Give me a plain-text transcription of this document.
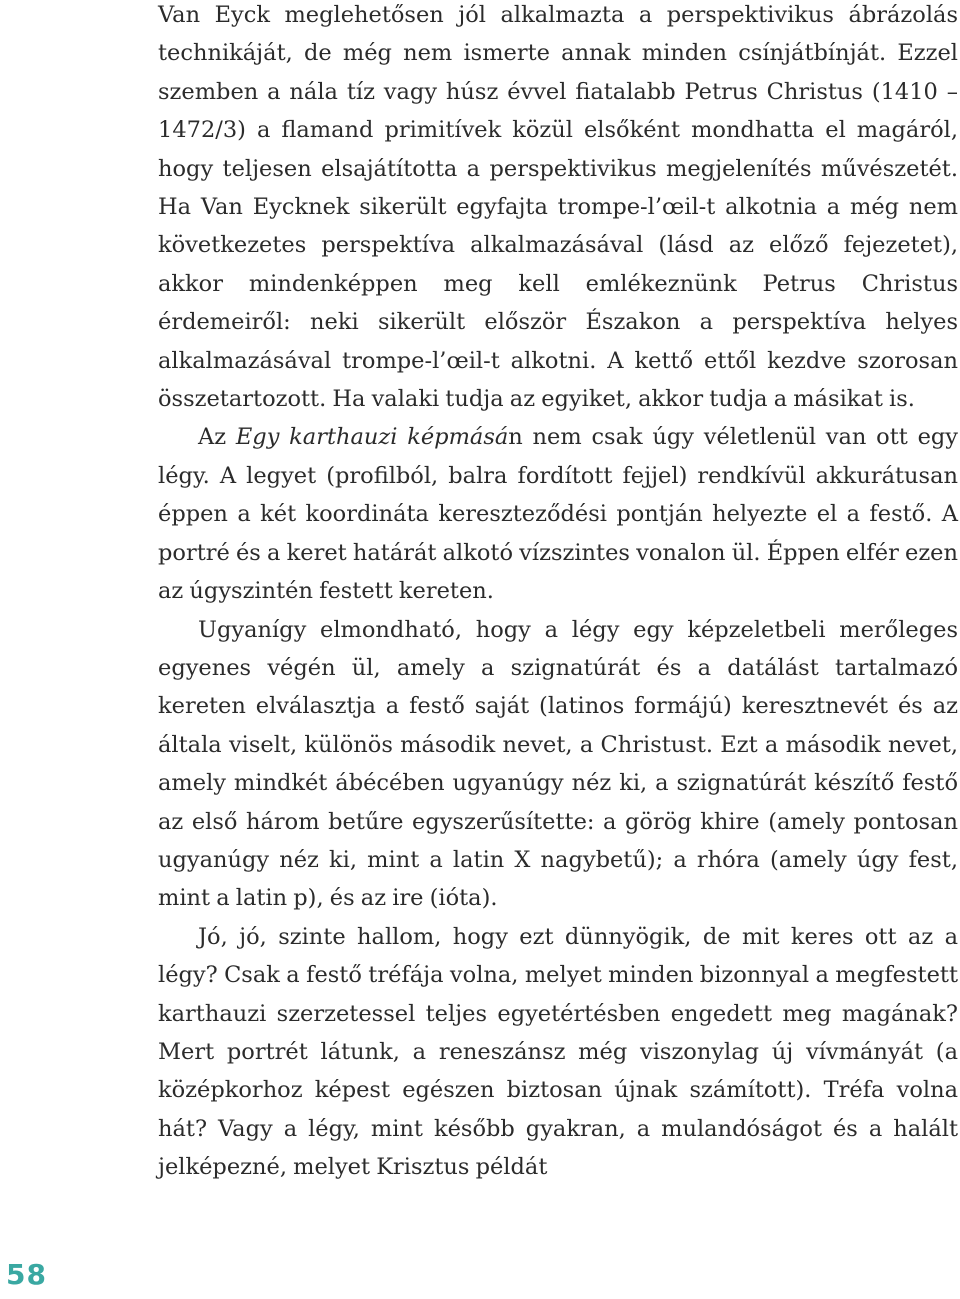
Van Eyck meglehetősen jól alkalmazta a perspektivikus ábrázolás technikáját, de még nem ismerte annak minden csínjátbínját. Ezzel szemben a nála tíz vagy húsz évvel fiatalabb Petrus Christus (1410 – 1472/3) a flamand primitívek közül elsőként mondhatta el magáról, hogy teljesen elsajátította a perspektivikus megjelenítés művészetét. Ha Van Eycknek sikerült egyfajta trompe-l’œil-t alkotnia a még nem következetes perspektíva alkalmazásával (lásd az előző fejezetet), akkor mindenképpen meg kell emlékeznünk Petrus Christus érdemeiről: neki sikerült először Északon a perspektíva helyes alkalmazásával trompe-l’œil-t alkotni. A kettő ettől kezdve szorosan összetartozott. Ha valaki tudja az egyiket, akkor tudja a másikat is.

Az Egy karthauzi képmásán nem csak úgy véletlenül van ott egy légy. A legyet (profilból, balra fordított fejjel) rendkívül akkurátusan éppen a két koordináta kereszteződési pontján helyezte el a festő. A portré és a keret határát alkotó vízszintes vonalon ül. Éppen elfér ezen az úgyszintén festett kereten.

Ugyanígy elmondható, hogy a légy egy képzeletbeli merőleges egyenes végén ül, amely a szignatúrát és a datálást tartalmazó kereten elválasztja a festő saját (latinos formájú) keresztnevét és az általa viselt, különös második nevet, a Christust. Ezt a második nevet, amely mindkét ábécében ugyanúgy néz ki, a szignatúrát készítő festő az első három betűre egyszerűsítette: a görög khire (amely pontosan ugyanúgy néz ki, mint a latin X nagybetű); a rhóra (amely úgy fest, mint a latin p), és az ire (ióta).

Jó, jó, szinte hallom, hogy ezt dünnyögik, de mit keres ott az a légy? Csak a festő tréfája volna, melyet minden bizonnyal a megfestett karthauzi szerzetessel teljes egyetértésben engedett meg magának? Mert portrét látunk, a reneszánsz még viszonylag új vívmányát (a középkorhoz képest egészen biztosan újnak számított). Tréfa volna hát? Vagy a légy, mint később gyakran, a mulandóságot és a halált jelképezné, melyet Krisztus példát

58
